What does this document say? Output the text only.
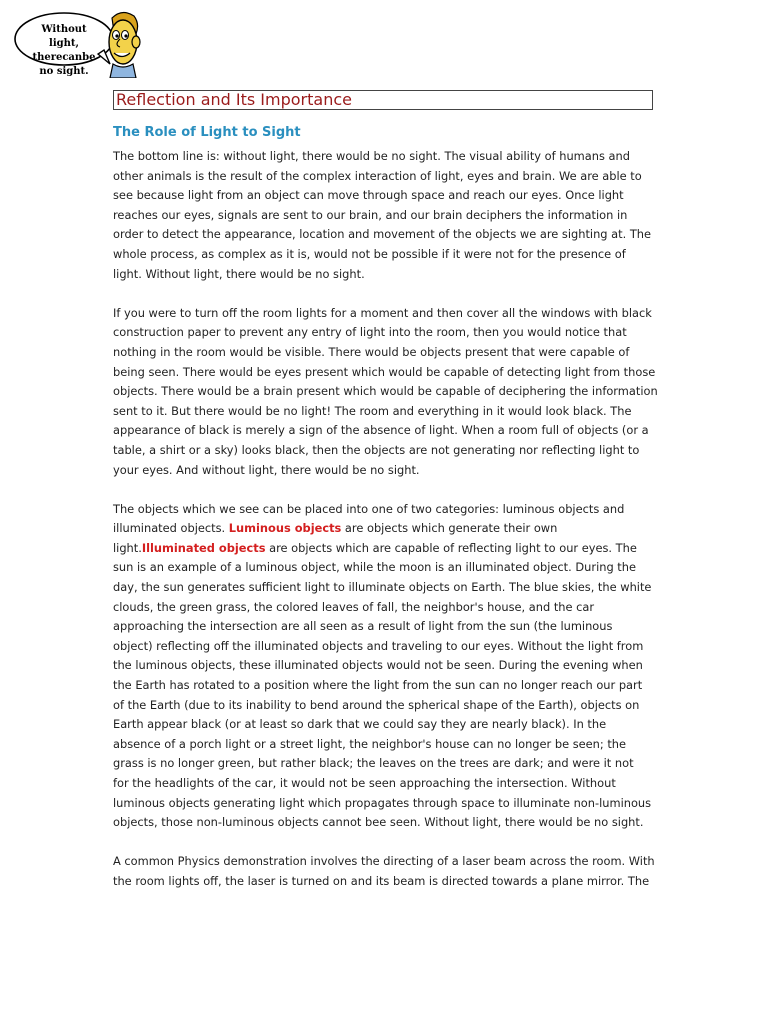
Without light,
therecanbe
no sight.
Reflection and Its Importance
The Role of Light to Sight
The bottom line is: without light, there would be no sight. The visual ability of humans and
other animals is the result of the complex interaction of light, eyes and brain. We are able to
see because light from an object can move through space and reach our eyes. Once light
reaches our eyes, signals are sent to our brain, and our brain deciphers the information in
order to detect the appearance, location and movement of the objects we are sighting at. The
whole process, as complex as it is, would not be possible if it were not for the presence of
light. Without light, there would be no sight.
If you were to turn off the room lights for a moment and then cover all the windows with black
construction paper to prevent any entry of light into the room, then you would notice that
nothing in the room would be visible. There would be objects present that were capable of
being seen. There would be eyes present which would be capable of detecting light from those
objects. There would be a brain present which would be capable of deciphering the information
sent to it. But there would be no light! The room and everything in it would look black. The
appearance of black is merely a sign of the absence of light. When a room full of objects (or a
table, a shirt or a sky) looks black, then the objects are not generating nor reflecting light to
your eyes. And without light, there would be no sight.
The objects which we see can be placed into one of two categories: luminous objects and
illuminated objects. Luminous objects are objects which generate their own
light.Illuminated objects are objects which are capable of reflecting light to our eyes. The
sun is an example of a luminous object, while the moon is an illuminated object. During the
day, the sun generates sufficient light to illuminate objects on Earth. The blue skies, the white
clouds, the green grass, the colored leaves of fall, the neighbor's house, and the car
approaching the intersection are all seen as a result of light from the sun (the luminous
object) reflecting off the illuminated objects and traveling to our eyes. Without the light from
the luminous objects, these illuminated objects would not be seen. During the evening when
the Earth has rotated to a position where the light from the sun can no longer reach our part
of the Earth (due to its inability to bend around the spherical shape of the Earth), objects on
Earth appear black (or at least so dark that we could say they are nearly black). In the
absence of a porch light or a street light, the neighbor's house can no longer be seen; the
grass is no longer green, but rather black; the leaves on the trees are dark; and were it not
for the headlights of the car, it would not be seen approaching the intersection. Without
luminous objects generating light which propagates through space to illuminate non-luminous
objects, those non-luminous objects cannot bee seen. Without light, there would be no sight.
A common Physics demonstration involves the directing of a laser beam across the room. With
the room lights off, the laser is turned on and its beam is directed towards a plane mirror. The
